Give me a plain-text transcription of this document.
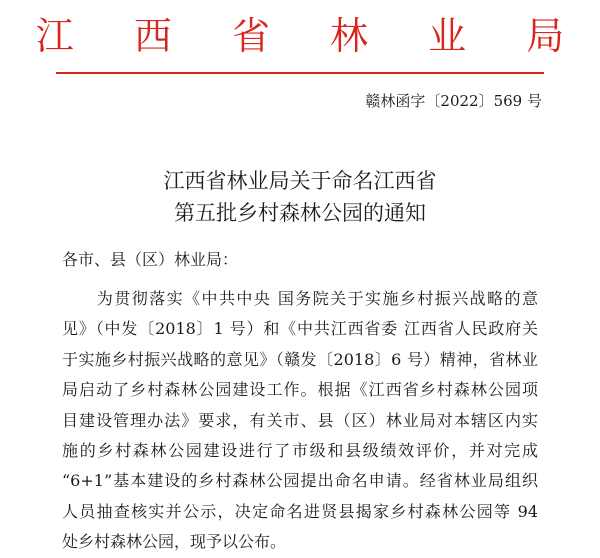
江 西 省 林 业 局
赣林函字〔2022〕569 号
江西省林业局关于命名江西省
第五批乡村森林公园的通知
各市、县（区）林业局：
　　为贯彻落实《中共中央 国务院关于实施乡村振兴战略的意
见》（中发〔2018〕1 号）和《中共江西省委 江西省人民政府关
于实施乡村振兴战略的意见》（赣发〔2018〕6 号）精神，省林业
局启动了乡村森林公园建设工作。根据《江西省乡村森林公园项
目建设管理办法》要求，有关市、县（区）林业局对本辖区内实
施的乡村森林公园建设进行了市级和县级绩效评价，并对完成
“6+1”基本建设的乡村森林公园提出命名申请。经省林业局组织
人员抽查核实并公示，决定命名进贤县揭家乡村森林公园等 94
处乡村森林公园，现予以公布。
